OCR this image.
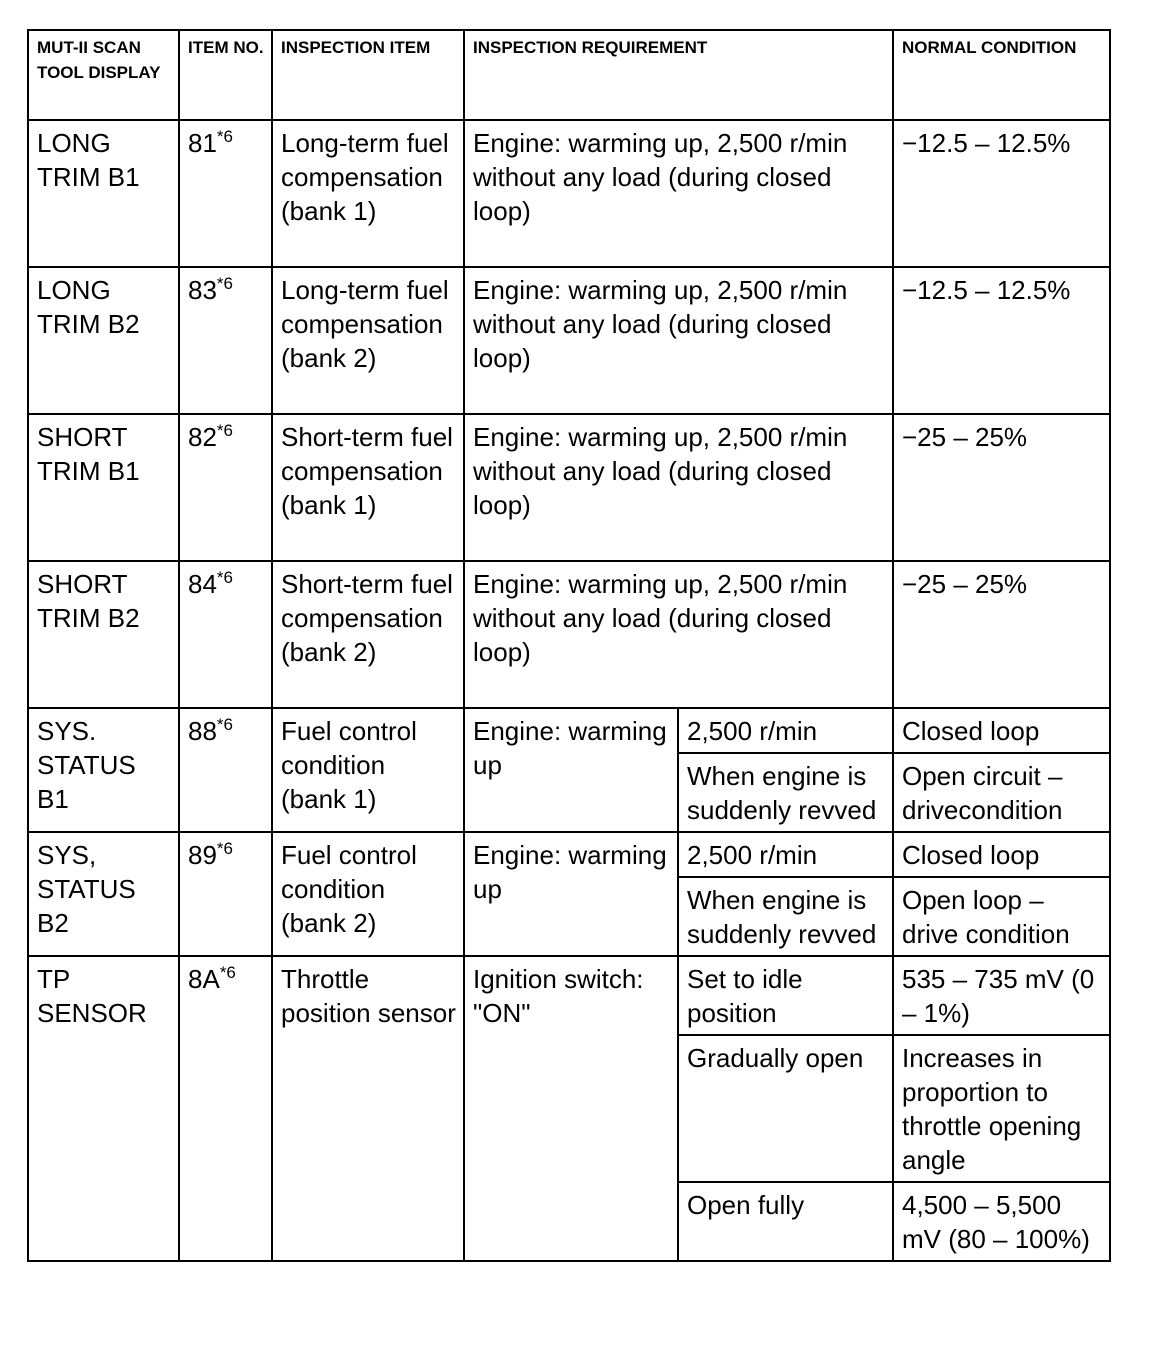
MUT-II SCAN TOOL DISPLAY	ITEM NO.	INSPECTION ITEM	INSPECTION REQUIREMENT		NORMAL CONDITION
LONG TRIM B1	81$^{*6}$	Long-term fuel compensation (bank 1)	Engine: warming up, 2,500 r/min without any load (during closed loop)		−12.5 – 12.5%
LONG TRIM B2	83$^{*6}$	Long-term fuel compensation (bank 2)	Engine: warming up, 2,500 r/min without any load (during closed loop)		−12.5 – 12.5%
SHORT TRIM B1	82$^{*6}$	Short-term fuel compensation (bank 1)	Engine: warming up, 2,500 r/min without any load (during closed loop)		−25 – 25%
SHORT TRIM B2	84$^{*6}$	Short-term fuel compensation (bank 2)	Engine: warming up, 2,500 r/min without any load (during closed loop)		−25 – 25%
SYS. STATUS B1	88$^{*6}$	Fuel control condition (bank 1)	Engine: warming up	2,500 r/min	Closed loop
				When engine is suddenly revved	Open circuit – drivecondition
SYS, STATUS B2	89$^{*6}$	Fuel control condition (bank 2)	Engine: warming up	2,500 r/min	Closed loop
				When engine is suddenly revved	Open loop – drive condition
TP SENSOR	$8A^{*6}$	Throttle position sensor	Ignition switch: "ON"	Set to idle position	535 – 735 mV (0 – 1%)
				Gradually open	Increases in proportion to throttle opening angle
				Open fully	4,500 – 5,500 mV (80 – 100%)
